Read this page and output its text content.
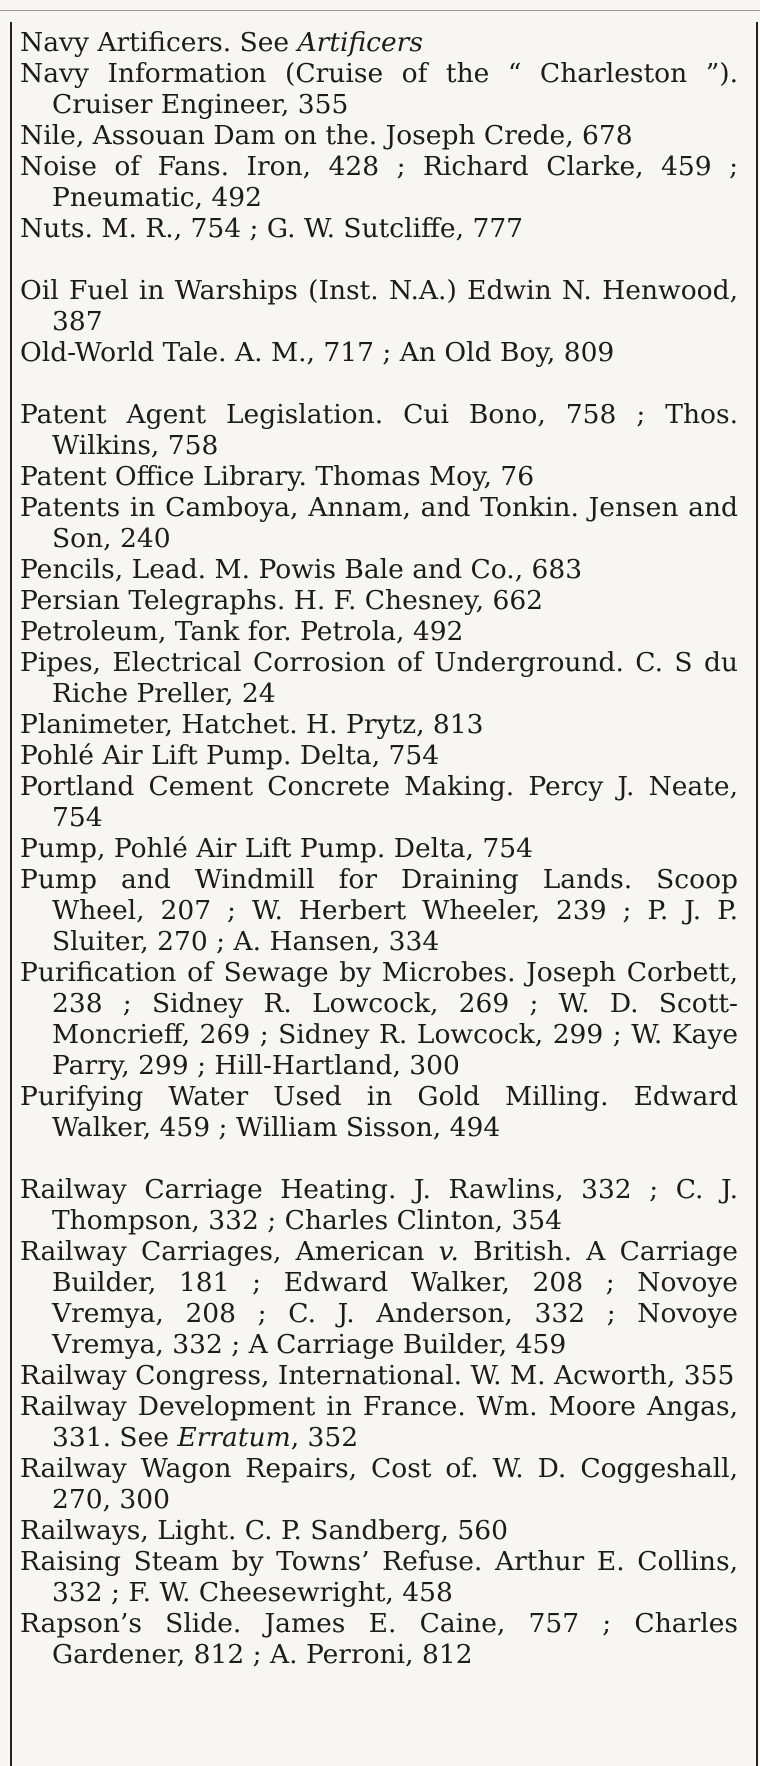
Navy Artificers. See Artificers
Navy Information (Cruise of the “ Charleston ”). Cruiser Engineer, 355
Nile, Assouan Dam on the. Joseph Crede, 678
Noise of Fans. Iron, 428 ; Richard Clarke, 459 ; Pneumatic, 492
Nuts. M. R., 754 ; G. W. Sutcliffe, 777
Oil Fuel in Warships (Inst. N.A.) Edwin N. Henwood, 387
Old-World Tale. A. M., 717 ; An Old Boy, 809
Patent Agent Legislation. Cui Bono, 758 ; Thos. Wilkins, 758
Patent Office Library. Thomas Moy, 76
Patents in Camboya, Annam, and Tonkin. Jensen and Son, 240
Pencils, Lead. M. Powis Bale and Co., 683
Persian Telegraphs. H. F. Chesney, 662
Petroleum, Tank for. Petrola, 492
Pipes, Electrical Corrosion of Underground. C. S du Riche Preller, 24
Planimeter, Hatchet. H. Prytz, 813
Pohlé Air Lift Pump. Delta, 754
Portland Cement Concrete Making. Percy J. Neate, 754
Pump, Pohlé Air Lift Pump. Delta, 754
Pump and Windmill for Draining Lands. Scoop Wheel, 207 ; W. Herbert Wheeler, 239 ; P. J. P. Sluiter, 270 ; A. Hansen, 334
Purification of Sewage by Microbes. Joseph Corbett, 238 ; Sidney R. Lowcock, 269 ; W. D. Scott-Moncrieff, 269 ; Sidney R. Lowcock, 299 ; W. Kaye Parry, 299 ; Hill-Hartland, 300
Purifying Water Used in Gold Milling. Edward Walker, 459 ; William Sisson, 494
Railway Carriage Heating. J. Rawlins, 332 ; C. J. Thompson, 332 ; Charles Clinton, 354
Railway Carriages, American v. British. A Carriage Builder, 181 ; Edward Walker, 208 ; Novoye Vremya, 208 ; C. J. Anderson, 332 ; Novoye Vremya, 332 ; A Carriage Builder, 459
Railway Congress, International. W. M. Acworth, 355
Railway Development in France. Wm. Moore Angas, 331. See Erratum, 352
Railway Wagon Repairs, Cost of. W. D. Coggeshall, 270, 300
Railways, Light. C. P. Sandberg, 560
Raising Steam by Towns’ Refuse. Arthur E. Collins, 332 ; F. W. Cheesewright, 458
Rapson’s Slide. James E. Caine, 757 ; Charles Gardener, 812 ; A. Perroni, 812
